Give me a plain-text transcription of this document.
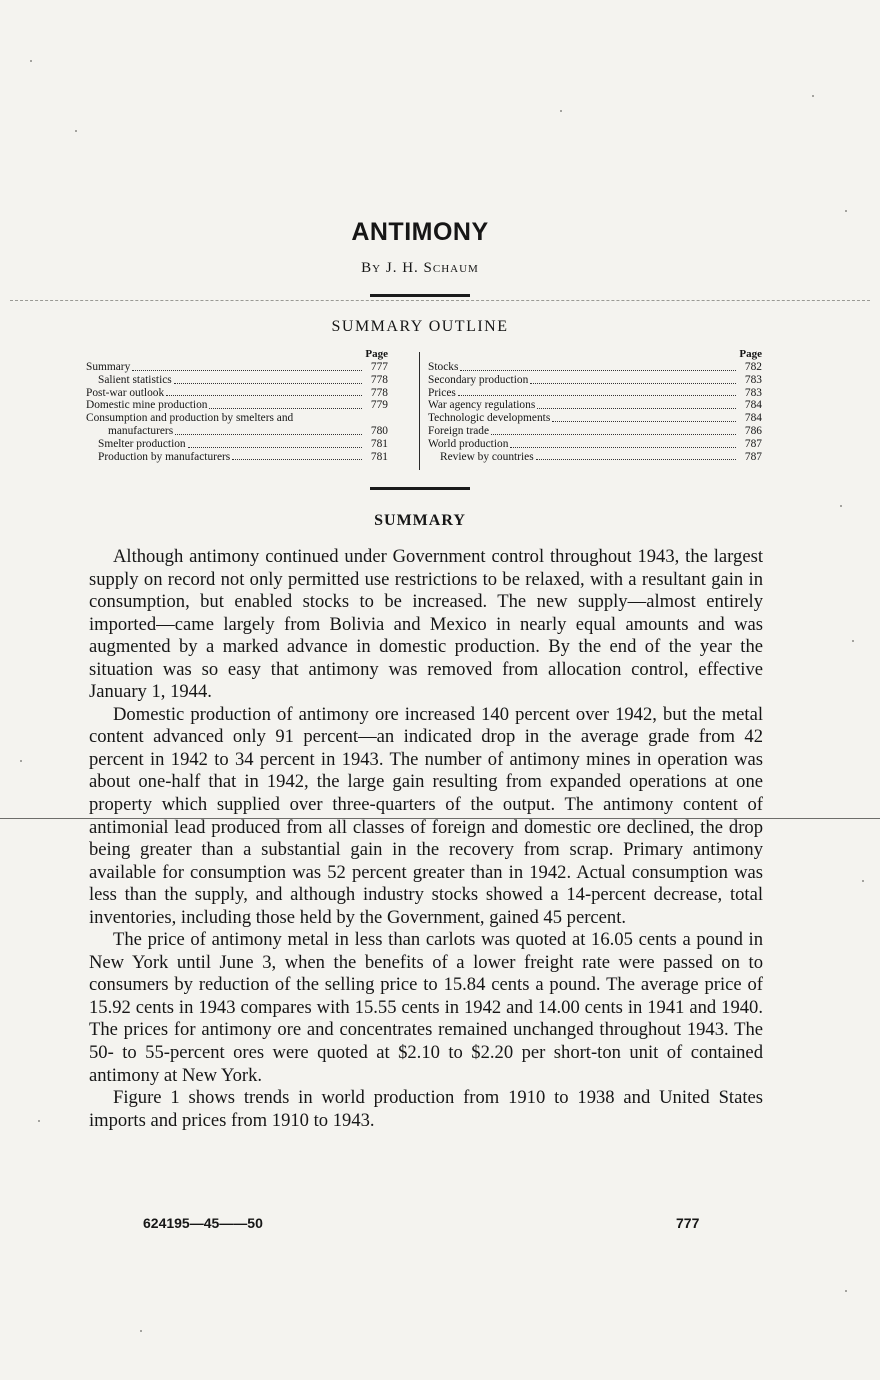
ANTIMONY
By J. H. Schaum
SUMMARY OUTLINE
Page
Summary	777
Salient statistics	778
Post-war outlook	778
Domestic mine production	779
Consumption and production by smelters and
manufacturers	780
Smelter production	781
Production by manufacturers	781
Page
Stocks	782
Secondary production	783
Prices	783
War agency regulations	784
Technologic developments	784
Foreign trade	786
World production	787
Review by countries	787
SUMMARY

Although antimony continued under Government control throughout 1943, the largest supply on record not only permitted use restrictions to be relaxed, with a resultant gain in consumption, but enabled stocks to be increased. The new supply—almost entirely imported—came largely from Bolivia and Mexico in nearly equal amounts and was augmented by a marked advance in domestic production. By the end of the year the situation was so easy that antimony was removed from allocation control, effective January 1, 1944.

Domestic production of antimony ore increased 140 percent over 1942, but the metal content advanced only 91 percent—an indicated drop in the average grade from 42 percent in 1942 to 34 percent in 1943. The number of antimony mines in operation was about one-half that in 1942, the large gain resulting from expanded operations at one property which supplied over three-quarters of the output. The antimony content of antimonial lead produced from all classes of foreign and domestic ore declined, the drop being greater than a substantial gain in the recovery from scrap. Primary antimony available for consumption was 52 percent greater than in 1942. Actual consumption was less than the supply, and although industry stocks showed a 14-percent decrease, total inventories, including those held by the Government, gained 45 percent.

The price of antimony metal in less than carlots was quoted at 16.05 cents a pound in New York until June 3, when the benefits of a lower freight rate were passed on to consumers by reduction of the selling price to 15.84 cents a pound. The average price of 15.92 cents in 1943 compares with 15.55 cents in 1942 and 14.00 cents in 1941 and 1940. The prices for antimony ore and concentrates remained unchanged throughout 1943. The 50- to 55-percent ores were quoted at $2.10 to $2.20 per short-ton unit of contained antimony at New York.

Figure 1 shows trends in world production from 1910 to 1938 and United States imports and prices from 1910 to 1943.

624195—45——50	777
